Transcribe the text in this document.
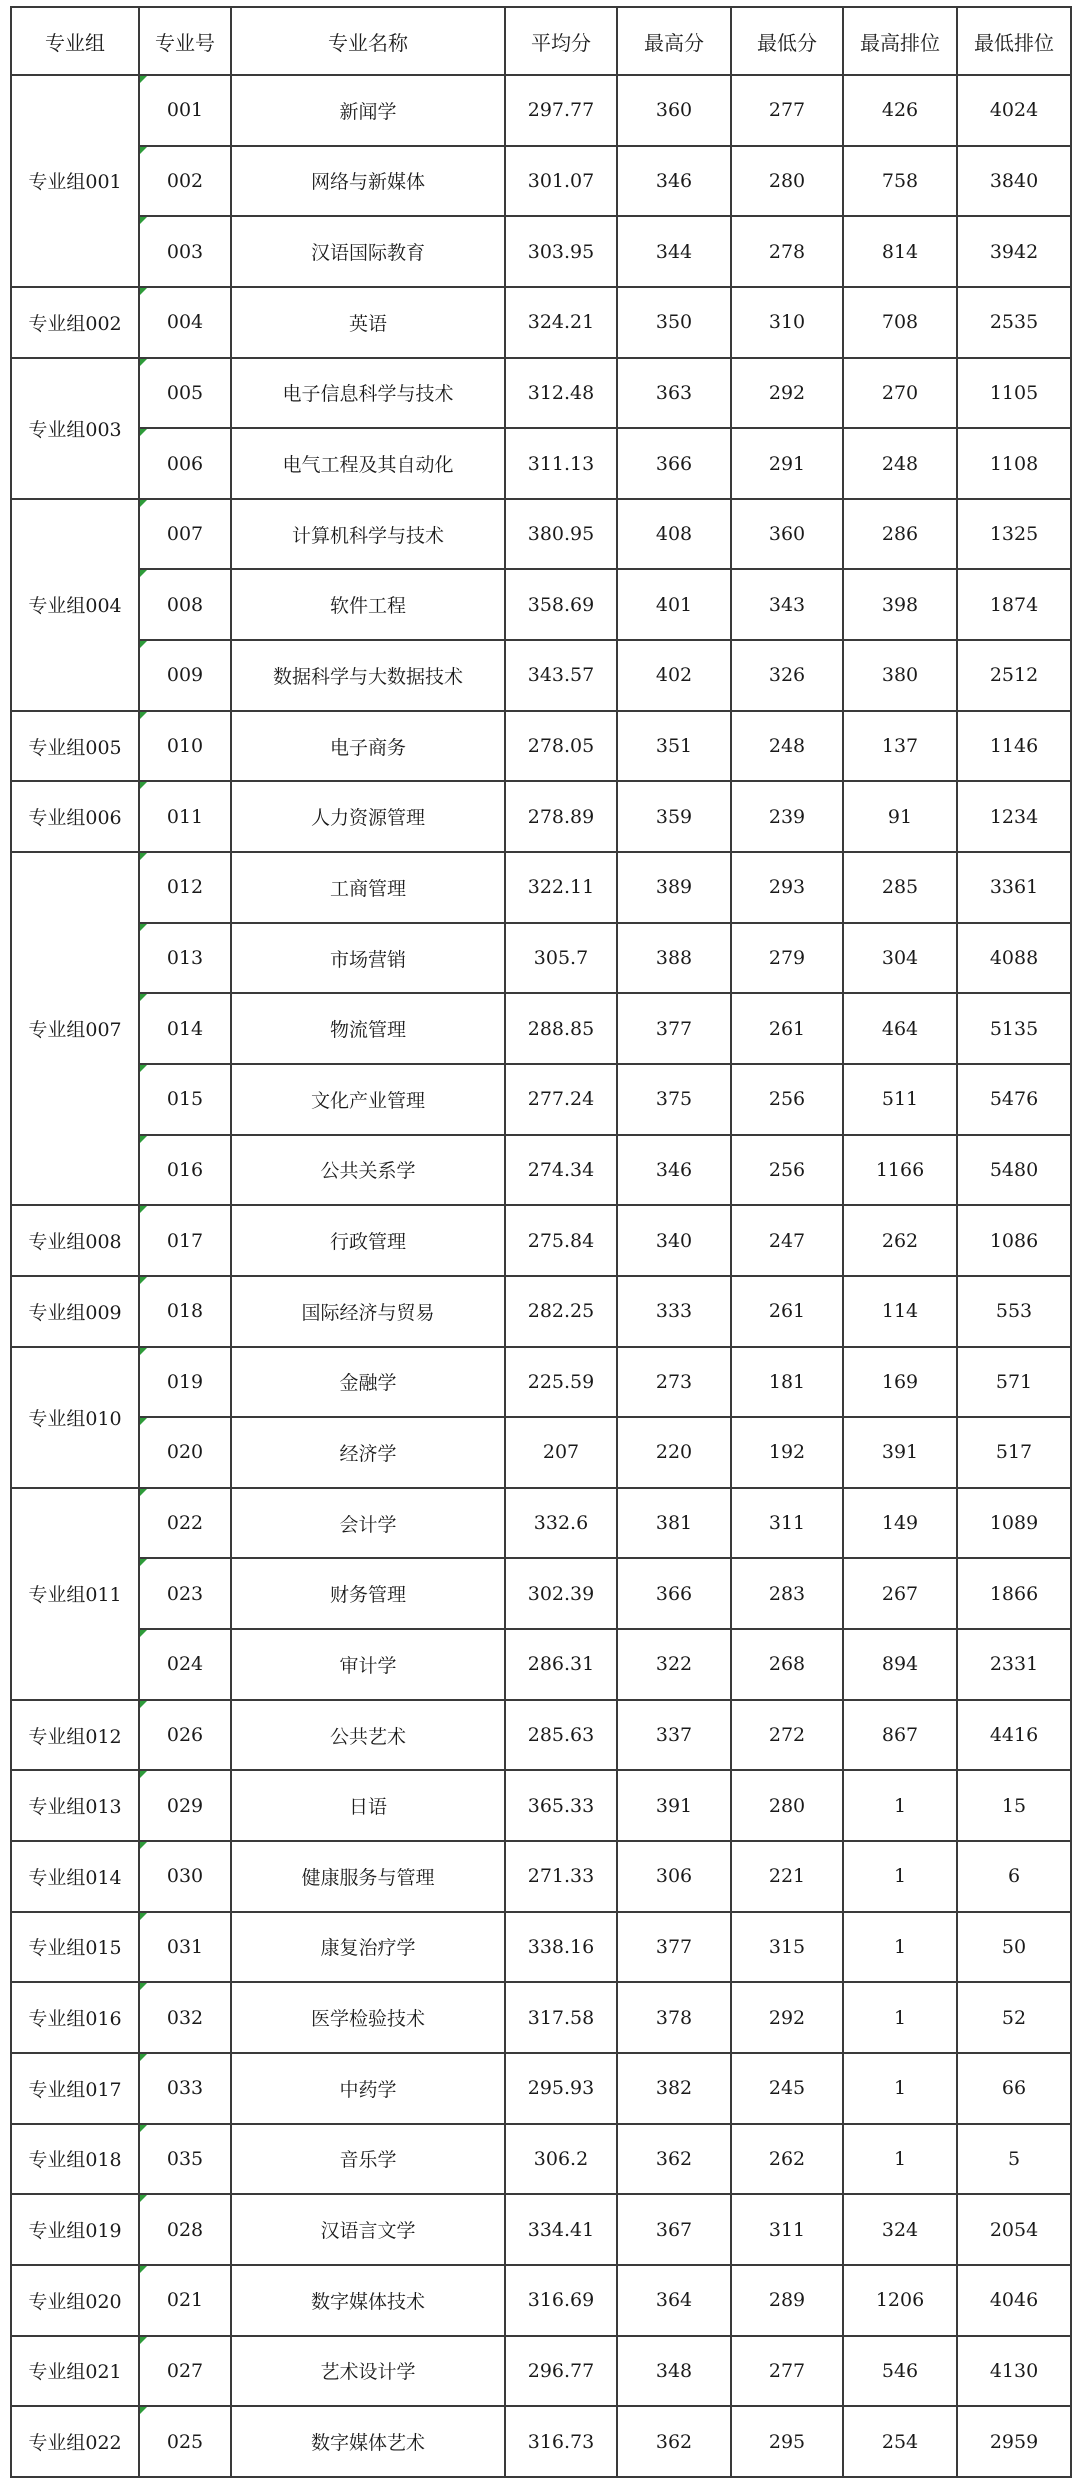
专业组	专业号	专业名称	平均分	最高分	最低分	最高排位	最低排位
专业组001	001	新闻学	297.77	360	277	426	4024
	002	网络与新媒体	301.07	346	280	758	3840
	003	汉语国际教育	303.95	344	278	814	3942
专业组002	004	英语	324.21	350	310	708	2535
专业组003	005	电子信息科学与技术	312.48	363	292	270	1105
	006	电气工程及其自动化	311.13	366	291	248	1108
专业组004	007	计算机科学与技术	380.95	408	360	286	1325
	008	软件工程	358.69	401	343	398	1874
	009	数据科学与大数据技术	343.57	402	326	380	2512
专业组005	010	电子商务	278.05	351	248	137	1146
专业组006	011	人力资源管理	278.89	359	239	91	1234
专业组007	012	工商管理	322.11	389	293	285	3361
	013	市场营销	305.7	388	279	304	4088
	014	物流管理	288.85	377	261	464	5135
	015	文化产业管理	277.24	375	256	511	5476
	016	公共关系学	274.34	346	256	1166	5480
专业组008	017	行政管理	275.84	340	247	262	1086
专业组009	018	国际经济与贸易	282.25	333	261	114	553
专业组010	019	金融学	225.59	273	181	169	571
	020	经济学	207	220	192	391	517
专业组011	022	会计学	332.6	381	311	149	1089
	023	财务管理	302.39	366	283	267	1866
	024	审计学	286.31	322	268	894	2331
专业组012	026	公共艺术	285.63	337	272	867	4416
专业组013	029	日语	365.33	391	280	1	15
专业组014	030	健康服务与管理	271.33	306	221	1	6
专业组015	031	康复治疗学	338.16	377	315	1	50
专业组016	032	医学检验技术	317.58	378	292	1	52
专业组017	033	中药学	295.93	382	245	1	66
专业组018	035	音乐学	306.2	362	262	1	5
专业组019	028	汉语言文学	334.41	367	311	324	2054
专业组020	021	数字媒体技术	316.69	364	289	1206	4046
专业组021	027	艺术设计学	296.77	348	277	546	4130
专业组022	025	数字媒体艺术	316.73	362	295	254	2959
